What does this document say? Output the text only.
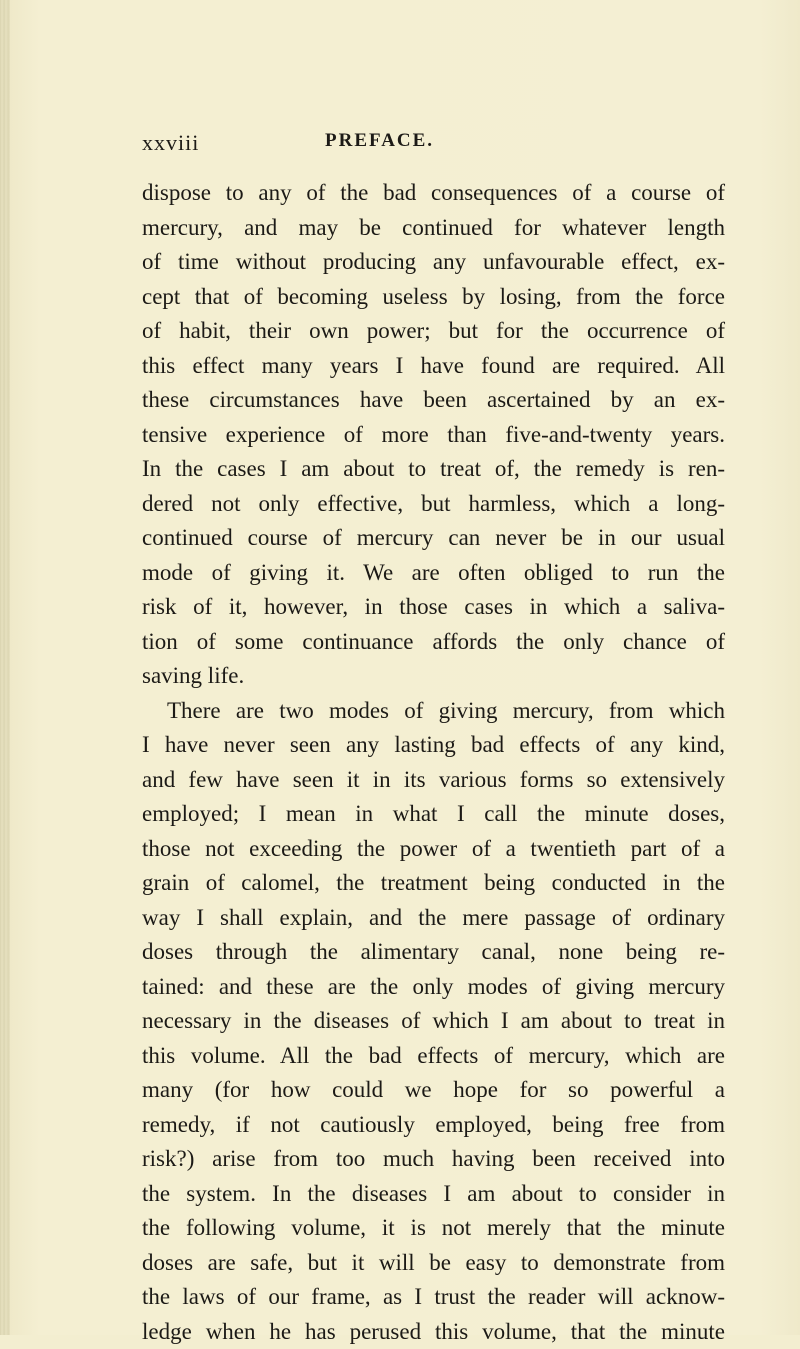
xxviii	PREFACE.
dispose to any of the bad consequences of a course of
mercury, and may be continued for whatever length
of time without producing any unfavourable effect, ex-
cept that of becoming useless by losing, from the force
of habit, their own power; but for the occurrence of
this effect many years I have found are required. All
these circumstances have been ascertained by an ex-
tensive experience of more than five-and-twenty years.
In the cases I am about to treat of, the remedy is ren-
dered not only effective, but harmless, which a long-
continued course of mercury can never be in our usual
mode of giving it. We are often obliged to run the
risk of it, however, in those cases in which a saliva-
tion of some continuance affords the only chance of
saving life.
There are two modes of giving mercury, from which
I have never seen any lasting bad effects of any kind,
and few have seen it in its various forms so extensively
employed; I mean in what I call the minute doses,
those not exceeding the power of a twentieth part of a
grain of calomel, the treatment being conducted in the
way I shall explain, and the mere passage of ordinary
doses through the alimentary canal, none being re-
tained: and these are the only modes of giving mercury
necessary in the diseases of which I am about to treat in
this volume. All the bad effects of mercury, which are
many (for how could we hope for so powerful a
remedy, if not cautiously employed, being free from
risk?) arise from too much having been received into
the system. In the diseases I am about to consider in
the following volume, it is not merely that the minute
doses are safe, but it will be easy to demonstrate from
the laws of our frame, as I trust the reader will acknow-
ledge when he has perused this volume, that the minute
